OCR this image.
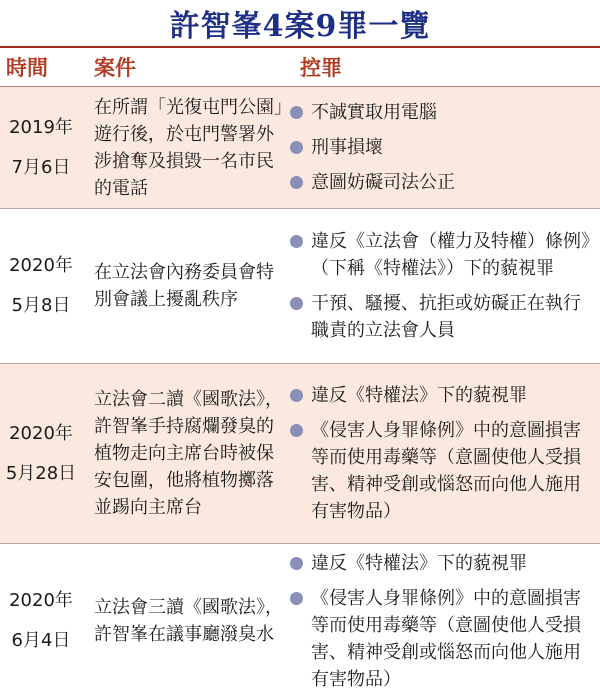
許智峯4案9罪一覽
時間	案件	控罪
2019年
7月6日
在所謂「光復屯門公園」遊行後，於屯門警署外涉搶奪及損毀一名市民的電話
不誠實取用電腦
刑事損壞
意圖妨礙司法公正
2020年
5月8日
在立法會內務委員會特別會議上擾亂秩序
違反《立法會（權力及特權）條例》（下稱《特權法》）下的藐視罪
干預、騷擾、抗拒或妨礙正在執行職責的立法會人員
2020年
5月28日
立法會二讀《國歌法》，許智峯手持腐爛發臭的植物走向主席台時被保安包圍，他將植物擲落並踢向主席台
違反《特權法》下的藐視罪
《侵害人身罪條例》中的意圖損害等而使用毒藥等（意圖使他人受損害、精神受創或惱怒而向他人施用有害物品）
2020年
6月4日
立法會三讀《國歌法》，許智峯在議事廳潑臭水
違反《特權法》下的藐視罪
《侵害人身罪條例》中的意圖損害等而使用毒藥等（意圖使他人受損害、精神受創或惱怒而向他人施用有害物品）
